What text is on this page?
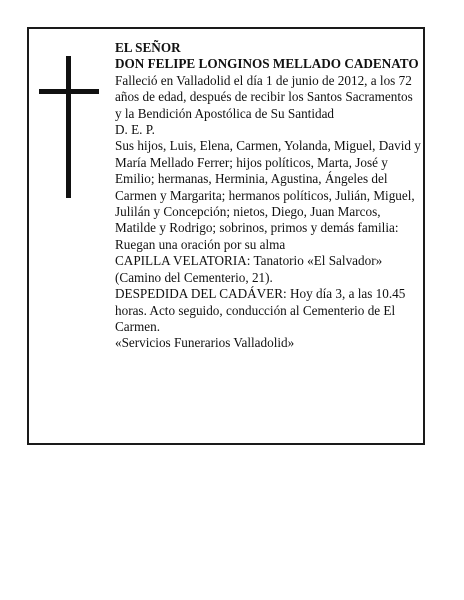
EL SEÑOR

DON FELIPE LONGINOS MELLADO CADENATO

Falleció en Valladolid el día 1 de junio de 2012, a los 72 años de edad, después de recibir los Santos Sacramentos y la Bendición Apostólica de Su Santidad

D. E. P.

Sus hijos, Luis, Elena, Carmen, Yolanda, Miguel, David y María Mellado Ferrer; hijos políticos, Marta, José y Emilio; hermanas, Herminia, Agustina, Ángeles del Carmen y Margarita; hermanos políticos, Julián, Miguel, Julilán y Concepción; nietos, Diego, Juan Marcos, Matilde y Rodrigo; sobrinos, primos y demás familia:

Ruegan una oración por su alma

CAPILLA VELATORIA: Tanatorio «El Salvador» (Camino del Cementerio, 21).

DESPEDIDA DEL CADÁVER: Hoy día 3, a las 10.45 horas. Acto seguido, conducción al Cementerio de El Carmen.

«Servicios Funerarios Valladolid»
